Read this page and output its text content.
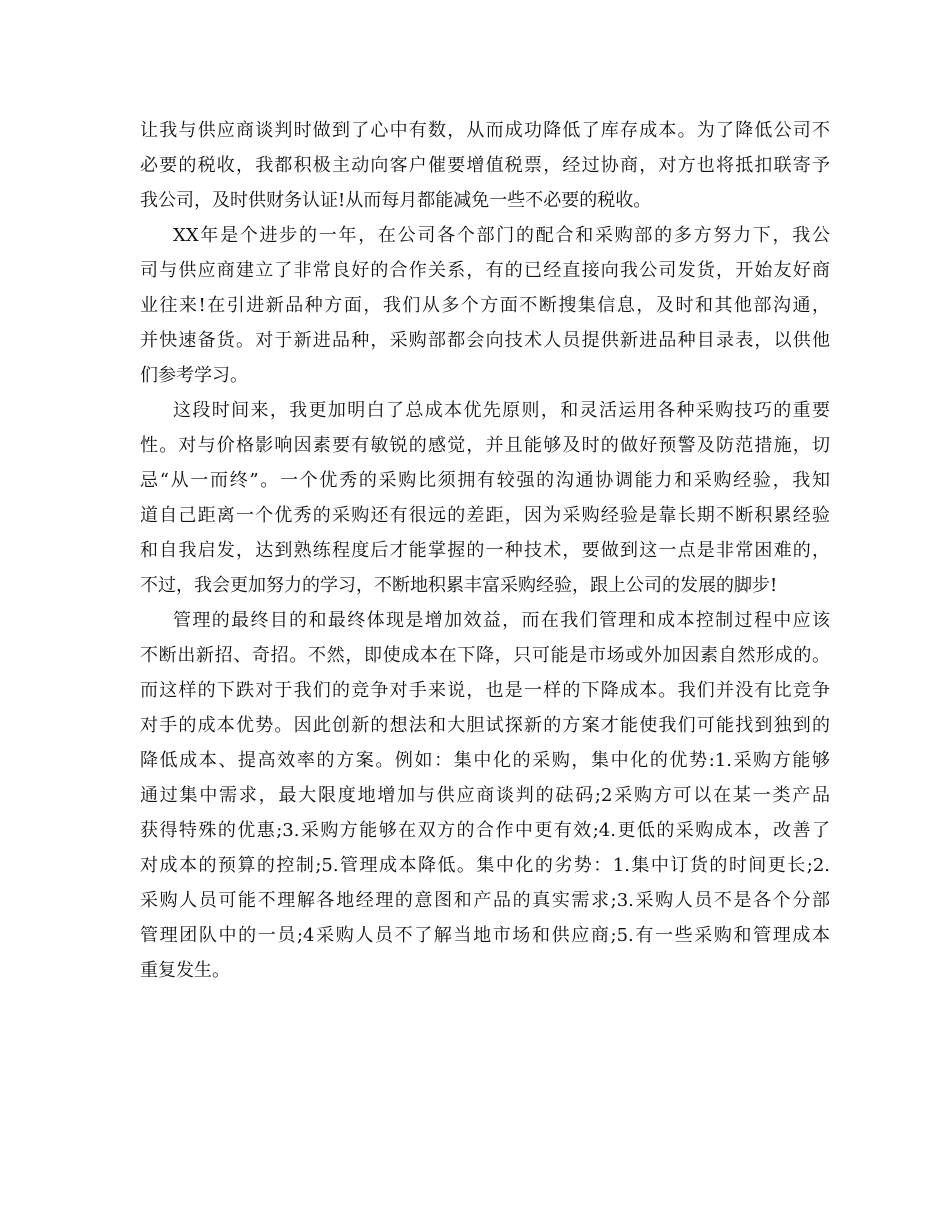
让我与供应商谈判时做到了心中有数，从而成功降低了库存成本。为了降低公司不
必要的税收，我都积极主动向客户催要增值税票，经过协商，对方也将抵扣联寄予
我公司，及时供财务认证!从而每月都能减免一些不必要的税收。
XX年是个进步的一年，在公司各个部门的配合和采购部的多方努力下，我公
司与供应商建立了非常良好的合作关系，有的已经直接向我公司发货，开始友好商
业往来!在引进新品种方面，我们从多个方面不断搜集信息，及时和其他部沟通，
并快速备货。对于新进品种，采购部都会向技术人员提供新进品种目录表，以供他
们参考学习。
这段时间来，我更加明白了总成本优先原则，和灵活运用各种采购技巧的重要
性。对与价格影响因素要有敏锐的感觉，并且能够及时的做好预警及防范措施，切
忌“从一而终”。一个优秀的采购比须拥有较强的沟通协调能力和采购经验，我知
道自己距离一个优秀的采购还有很远的差距，因为采购经验是靠长期不断积累经验
和自我启发，达到熟练程度后才能掌握的一种技术，要做到这一点是非常困难的，
不过，我会更加努力的学习，不断地积累丰富采购经验，跟上公司的发展的脚步!
管理的最终目的和最终体现是增加效益，而在我们管理和成本控制过程中应该
不断出新招、奇招。不然，即使成本在下降，只可能是市场或外加因素自然形成的。
而这样的下跌对于我们的竞争对手来说，也是一样的下降成本。我们并没有比竞争
对手的成本优势。因此创新的想法和大胆试探新的方案才能使我们可能找到独到的
降低成本、提高效率的方案。例如：集中化的采购，集中化的优势:1.采购方能够
通过集中需求，最大限度地增加与供应商谈判的砝码;2采购方可以在某一类产品
获得特殊的优惠;3.采购方能够在双方的合作中更有效;4.更低的采购成本，改善了
对成本的预算的控制;5.管理成本降低。集中化的劣势：1.集中订货的时间更长;2.
采购人员可能不理解各地经理的意图和产品的真实需求;3.采购人员不是各个分部
管理团队中的一员;4采购人员不了解当地市场和供应商;5.有一些采购和管理成本
重复发生。
